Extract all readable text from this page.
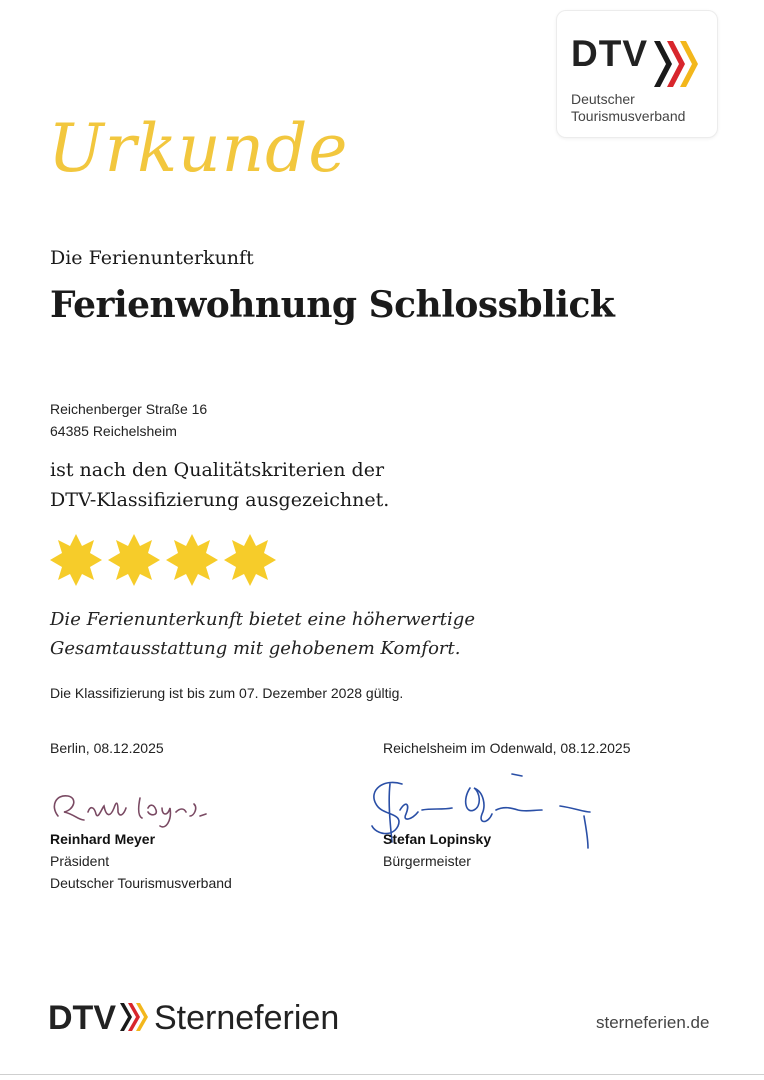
DTV
Deutscher
Tourismusverband
Urkunde
Die Ferienunterkunft
Ferienwohnung Schlossblick
Reichenberger Straße 16
64385 Reichelsheim
ist nach den Qualitätskriterien der
DTV-Klassifizierung ausgezeichnet.
Die Ferienunterkunft bietet eine höherwertige
Gesamtausstattung mit gehobenem Komfort.
Die Klassifizierung ist bis zum 07. Dezember 2028 gültig.
Berlin, 08.12.2025
Reinhard Meyer
Präsident
Deutscher Tourismusverband
Reichelsheim im Odenwald, 08.12.2025
Stefan Lopinsky
Bürgermeister
DTV Sterneferien	sterneferien.de
